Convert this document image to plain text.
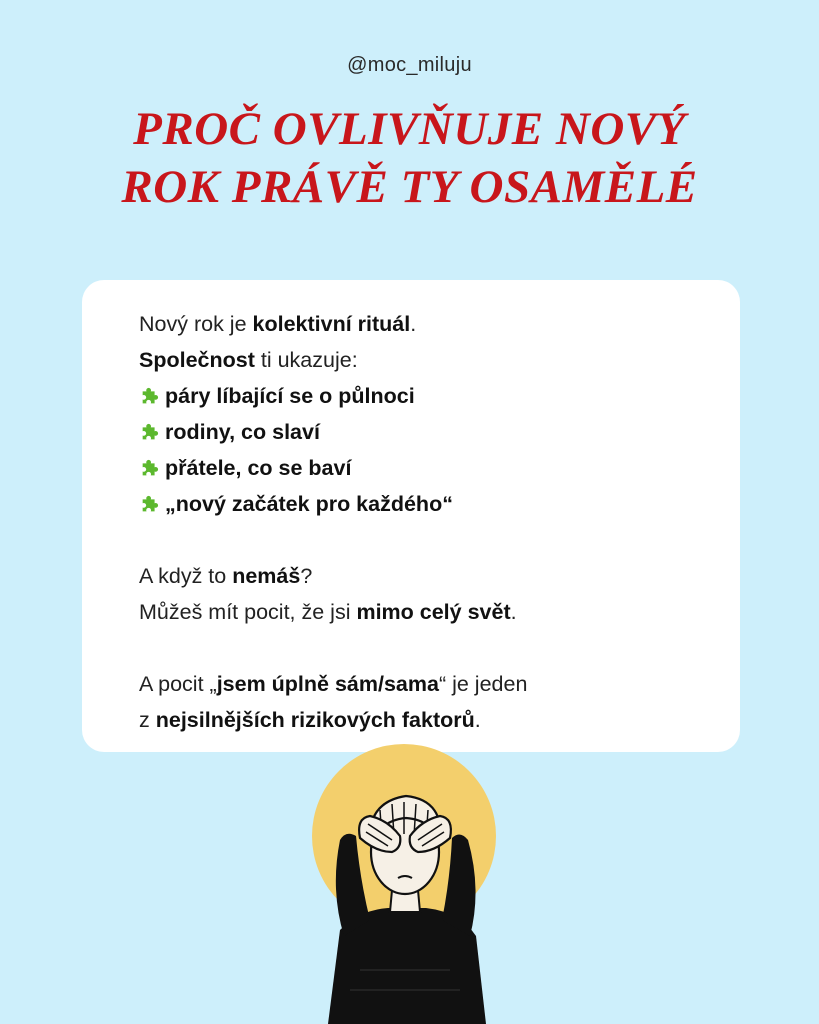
@moc_miluju
PROČ OVLIVŇUJE NOVÝ
ROK PRÁVĚ TY OSAMĚLÉ

Nový rok je kolektivní rituál.

Společnost ti ukazuje:

páry líbající se o půlnoci

rodiny, co slaví

přátele, co se baví

„nový začátek pro každého“

A když to nemáš?

Můžeš mít pocit, že jsi mimo celý svět.

A pocit „jsem úplně sám/sama“ je jeden

z nejsilnějších rizikových faktorů.
